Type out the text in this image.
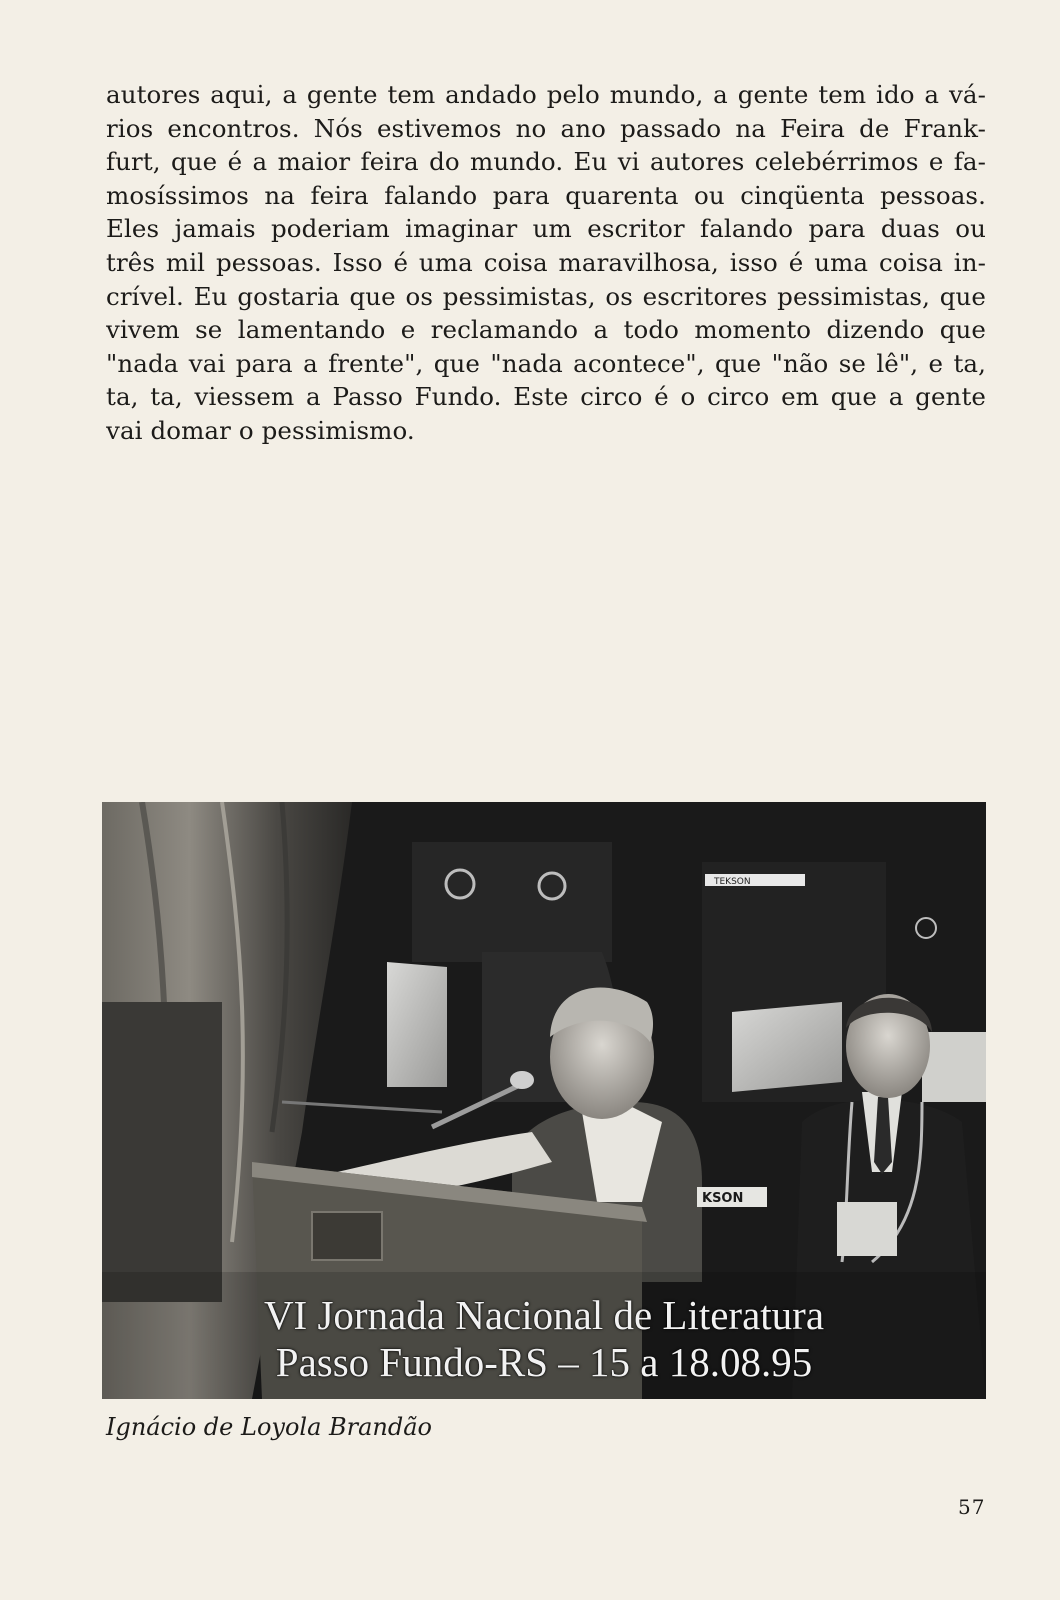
autores aqui, a gente tem andado pelo mundo, a gente tem ido a vá-
rios encontros. Nós estivemos no ano passado na Feira de Frank-
furt, que é a maior feira do mundo. Eu vi autores celebérrimos e fa-
mosíssimos na feira falando para quarenta ou cinqüenta pessoas.
Eles jamais poderiam imaginar um escritor falando para duas ou
três mil pessoas. Isso é uma coisa maravilhosa, isso é uma coisa in-
crível. Eu gostaria que os pessimistas, os escritores pessimistas, que
vivem se lamentando e reclamando a todo momento dizendo que
"nada vai para a frente", que "nada acontece", que "não se lê", e ta,
ta, ta, viessem a Passo Fundo. Este circo é o circo em que a gente
vai domar o pessimismo.
TEKSON
KSON
VI Jornada Nacional de Literatura
Passo Fundo-RS – 15 a 18.08.95
Ignácio de Loyola Brandão
57
